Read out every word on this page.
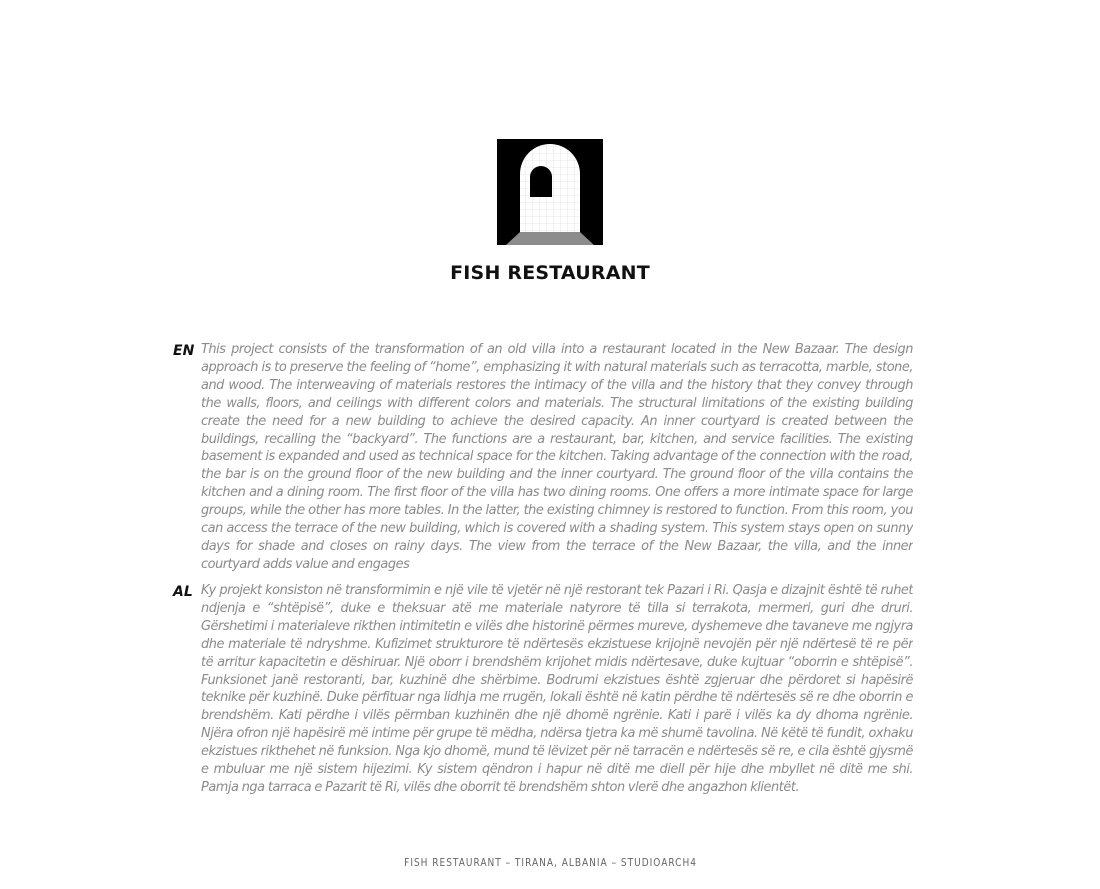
FISH RESTAURANT
EN This project consists of the transformation of an old villa into a restaurant located in the New Bazaar. The design approach is to preserve the feeling of “home”, emphasizing it with natural materials such as terracotta, marble, stone, and wood. The interweaving of materials restores the intimacy of the villa and the history that they convey through the walls, floors, and ceilings with different colors and materials. The structural limitations of the existing building create the need for a new building to achieve the desired capacity. An inner courtyard is created between the buildings, recalling the “backyard”. The functions are a restaurant, bar, kitchen, and service facilities. The existing basement is expanded and used as technical space for the kitchen. Taking advantage of the connection with the road, the bar is on the ground floor of the new building and the inner courtyard. The ground floor of the villa contains the kitchen and a dining room. The first floor of the villa has two dining rooms. One offers a more intimate space for large groups, while the other has more tables. In the latter, the existing chimney is restored to function. From this room, you can access the terrace of the new building, which is covered with a shading system. This system stays open on sunny days for shade and closes on rainy days. The view from the terrace of the New Bazaar, the villa, and the inner courtyard adds value and engages
AL Ky projekt konsiston në transformimin e një vile të vjetër në një restorant tek Pazari i Ri. Qasja e dizajnit është të ruhet ndjenja e “shtëpisë”, duke e theksuar atë me materiale natyrore të tilla si terrakota, mermeri, guri dhe druri. Gërshetimi i materialeve rikthen intimitetin e vilës dhe historinë përmes mureve, dyshemeve dhe tavaneve me ngjyra dhe materiale të ndryshme. Kufizimet strukturore të ndërtesës ekzistuese krijojnë nevojën për një ndërtesë të re për të arritur kapacitetin e dëshiruar. Një oborr i brendshëm krijohet midis ndërtesave, duke kujtuar “oborrin e shtëpisë”. Funksionet janë restoranti, bar, kuzhinë dhe shërbime. Bodrumi ekzistues është zgjeruar dhe përdoret si hapësirë teknike për kuzhinë. Duke përfituar nga lidhja me rrugën, lokali është në katin përdhe të ndërtesës së re dhe oborrin e brendshëm. Kati përdhe i vilës përmban kuzhinën dhe një dhomë ngrënie. Kati i parë i vilës ka dy dhoma ngrënie. Njëra ofron një hapësirë më intime për grupe të mëdha, ndërsa tjetra ka më shumë tavolina. Në këtë të fundit, oxhaku ekzistues rikthehet në funksion. Nga kjo dhomë, mund të lëvizet për në tarracën e ndërtesës së re, e cila është gjysmë e mbuluar me një sistem hijezimi. Ky sistem qëndron i hapur në ditë me diell për hije dhe mbyllet në ditë me shi. Pamja nga tarraca e Pazarit të Ri, vilës dhe oborrit të brendshëm shton vlerë dhe angazhon klientët.
FISH RESTAURANT – TIRANA, ALBANIA – STUDIOARCH4
